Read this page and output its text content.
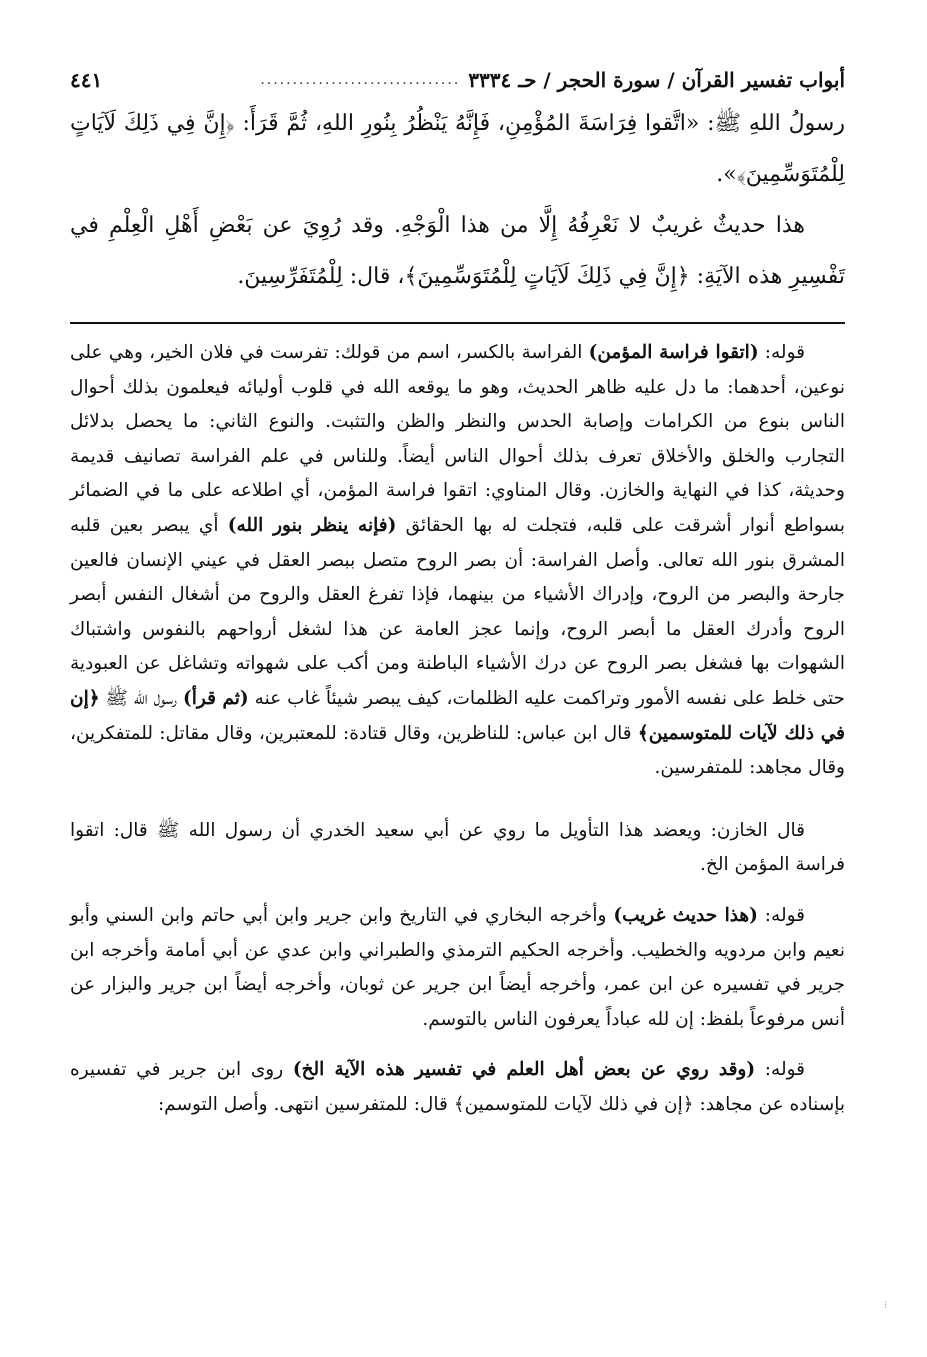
أبواب تفسير القرآن / سورة الحجر / حـ ٣٣٣٤
...............................
٤٤١

رسولُ اللهِ ﷺ: «اتَّقوا فِرَاسَةَ المُؤْمِنِ، فَإِنَّهُ يَنْظُرُ بِنُورِ اللهِ، ثُمَّ قَرَأَ: ﴿إِنَّ فِي ذَلِكَ لَآيَاتٍ لِلْمُتَوَسِّمِينَ﴾».

هذا حديثٌ غريبٌ لا نَعْرِفُهُ إِلَّا من هذا الْوَجْهِ. وقد رُوِيَ عن بَعْضِ أَهْلِ الْعِلْمِ في تَفْسِيرِ هذه الآيَةِ: ﴿إِنَّ فِي ذَلِكَ لَآيَاتٍ لِلْمُتَوَسِّمِينَ﴾، قال: لِلْمُتَفَرِّسِينَ.

قوله: (اتقوا فراسة المؤمن) الفراسة بالكسر، اسم من قولك: تفرست في فلان الخير، وهي على نوعين، أحدهما: ما دل عليه ظاهر الحديث، وهو ما يوقعه الله في قلوب أوليائه فيعلمون بذلك أحوال الناس بنوع من الكرامات وإصابة الحدس والنظر والظن والتثبت. والنوع الثاني: ما يحصل بدلائل التجارب والخلق والأخلاق تعرف بذلك أحوال الناس أيضاً. وللناس في علم الفراسة تصانيف قديمة وحديثة، كذا في النهاية والخازن. وقال المناوي: اتقوا فراسة المؤمن، أي اطلاعه على ما في الضمائر بسواطع أنوار أشرقت على قلبه، فتجلت له بها الحقائق (فإنه ينظر بنور الله) أي يبصر بعين قلبه المشرق بنور الله تعالى. وأصل الفراسة: أن بصر الروح متصل ببصر العقل في عيني الإنسان فالعين جارحة والبصر من الروح، وإدراك الأشياء من بينهما، فإذا تفرغ العقل والروح من أشغال النفس أبصر الروح وأدرك العقل ما أبصر الروح، وإنما عجز العامة عن هذا لشغل أرواحهم بالنفوس واشتباك الشهوات بها فشغل بصر الروح عن درك الأشياء الباطنة ومن أكب على شهواته وتشاغل عن العبودية حتى خلط على نفسه الأمور وتراكمت عليه الظلمات، كيف يبصر شيئاً غاب عنه (ثم قرأ) رسول الله ﷺ ﴿إن في ذلك لآيات للمتوسمين﴾ قال ابن عباس: للناظرين، وقال قتادة: للمعتبرين، وقال مقاتل: للمتفكرين، وقال مجاهد: للمتفرسين.

قال الخازن: ويعضد هذا التأويل ما روي عن أبي سعيد الخدري أن رسول الله ﷺ قال: اتقوا فراسة المؤمن الخ.

قوله: (هذا حديث غريب) وأخرجه البخاري في التاريخ وابن جرير وابن أبي حاتم وابن السني وأبو نعيم وابن مردويه والخطيب. وأخرجه الحكيم الترمذي والطبراني وابن عدي عن أبي أمامة وأخرجه ابن جرير في تفسيره عن ابن عمر، وأخرجه أيضاً ابن جرير عن ثوبان، وأخرجه أيضاً ابن جرير والبزار عن أنس مرفوعاً بلفظ: إن لله عباداً يعرفون الناس بالتوسم.

قوله: (وقد روي عن بعض أهل العلم في تفسير هذه الآية الخ) روى ابن جرير في تفسيره بإسناده عن مجاهد: ﴿إن في ذلك لآيات للمتوسمين﴾ قال: للمتفرسين انتهى. وأصل التوسم:

⁝
